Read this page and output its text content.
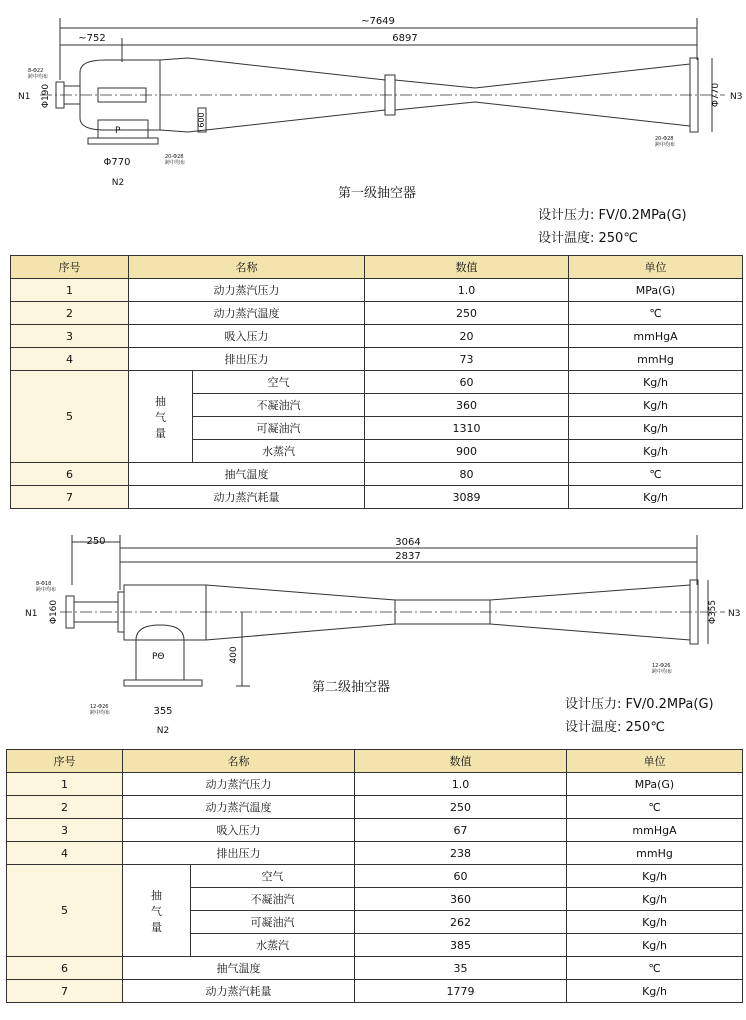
~7649
~752	6897
8-Φ22
跨中均布
N1 Φ190
P
Φ770	20-Φ28
跨中均布
N2
600
Φ770 N3
20-Φ28
跨中均布
第一级抽空器
设计压力: FV/0.2MPa(G)
设计温度: 250℃
序号	名称		数值	单位
1	动力蒸汽压力		1.0	MPa(G)
2	动力蒸汽温度		250	℃
3	吸入压力		20	mmHgA
4	排出压力		73	mmHg
5	抽
气
量	空气	60	Kg/h
		不凝油汽	360	Kg/h
		可凝油汽	1310	Kg/h
		水蒸汽	900	Kg/h
6	抽气温度		80	℃
7	动力蒸汽耗量		3089	Kg/h
250	3064
2837
8-Φ18
跨中均布
N1 Φ160
PΘ	400
12-Φ26
跨中均布	355
N2
Φ355 N3
12-Φ26
跨中均布
第二级抽空器
设计压力: FV/0.2MPa(G)
设计温度: 250℃
序号	名称		数值	单位
1	动力蒸汽压力		1.0	MPa(G)
2	动力蒸汽温度		250	℃
3	吸入压力		67	mmHgA
4	排出压力		238	mmHg
5	抽
气
量	空气	60	Kg/h
		不凝油汽	360	Kg/h
		可凝油汽	262	Kg/h
		水蒸汽	385	Kg/h
6	抽气温度		35	℃
7	动力蒸汽耗量		1779	Kg/h
